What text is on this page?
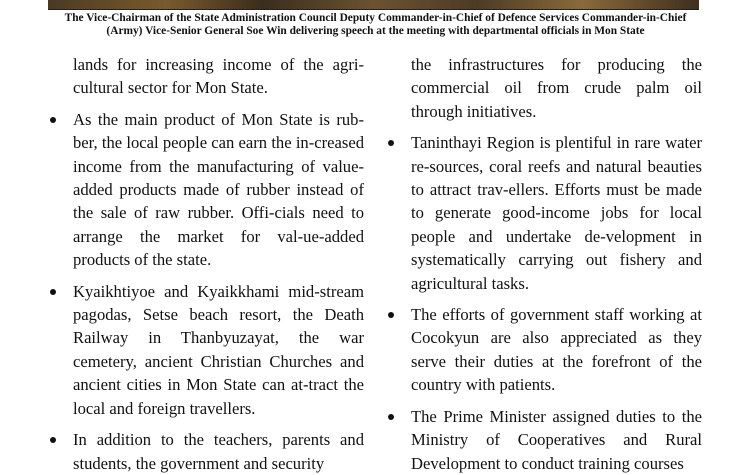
The Vice-Chairman of the State Administration Council Deputy Commander-in-Chief of Defence Services Commander-in-Chief (Army) Vice-Senior General Soe Win delivering speech at the meeting with departmental officials in Mon State

lands for increasing income of the agri-cultural sector for Mon State.

As the main product of Mon State is rub-ber, the local people can earn the in-creased income from the manufacturing of value-added products made of rubber instead of the sale of raw rubber. Offi-cials need to arrange the market for val-ue-added products of the state.
Kyaikhtiyoe and Kyaikkhami mid-stream pagodas, Setse beach resort, the Death Railway in Thanbyuzayat, the war cemetery, ancient Christian Churches and ancient cities in Mon State can at-tract the local and foreign travellers.
In addition to the teachers, parents and students, the government and security

the infrastructures for producing the commercial oil from crude palm oil through initiatives.

Taninthayi Region is plentiful in rare water re-sources, coral reefs and natural beauties to attract trav-ellers. Efforts must be made to generate good-income jobs for local people and undertake de-velopment in systematically carrying out fishery and agricultural tasks.
The efforts of government staff working at Cocokyun are also appreciated as they serve their duties at the forefront of the country with patients.
The Prime Minister assigned duties to the Ministry of Cooperatives and Rural Development to conduct training courses
